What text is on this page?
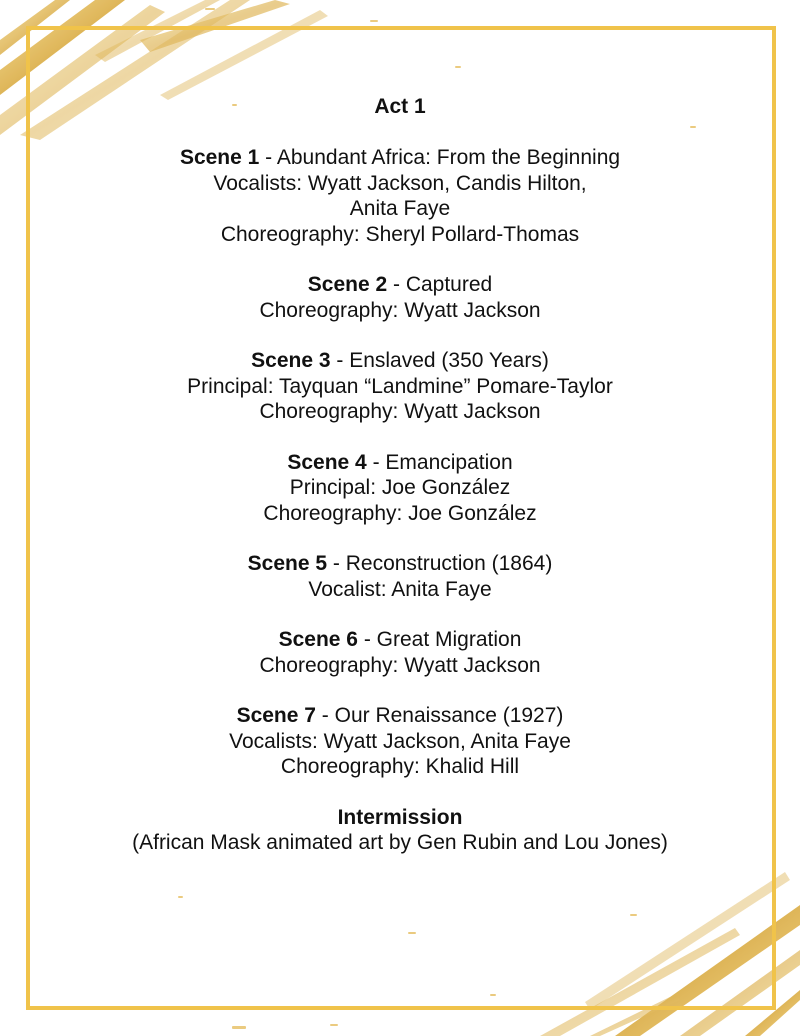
Act 1
Scene 1 - Abundant Africa: From the Beginning
Vocalists: Wyatt Jackson, Candis Hilton,
Anita Faye
Choreography: Sheryl Pollard-Thomas
Scene 2 - Captured
Choreography: Wyatt Jackson
Scene 3 - Enslaved (350 Years)
Principal: Tayquan “Landmine” Pomare-Taylor
Choreography: Wyatt Jackson
Scene 4 - Emancipation
Principal: Joe González
Choreography: Joe González
Scene 5 - Reconstruction (1864)
Vocalist: Anita Faye
Scene 6 - Great Migration
Choreography: Wyatt Jackson
Scene 7 - Our Renaissance (1927)
Vocalists: Wyatt Jackson, Anita Faye
Choreography: Khalid Hill
Intermission
(African Mask animated art by Gen Rubin and Lou Jones)
